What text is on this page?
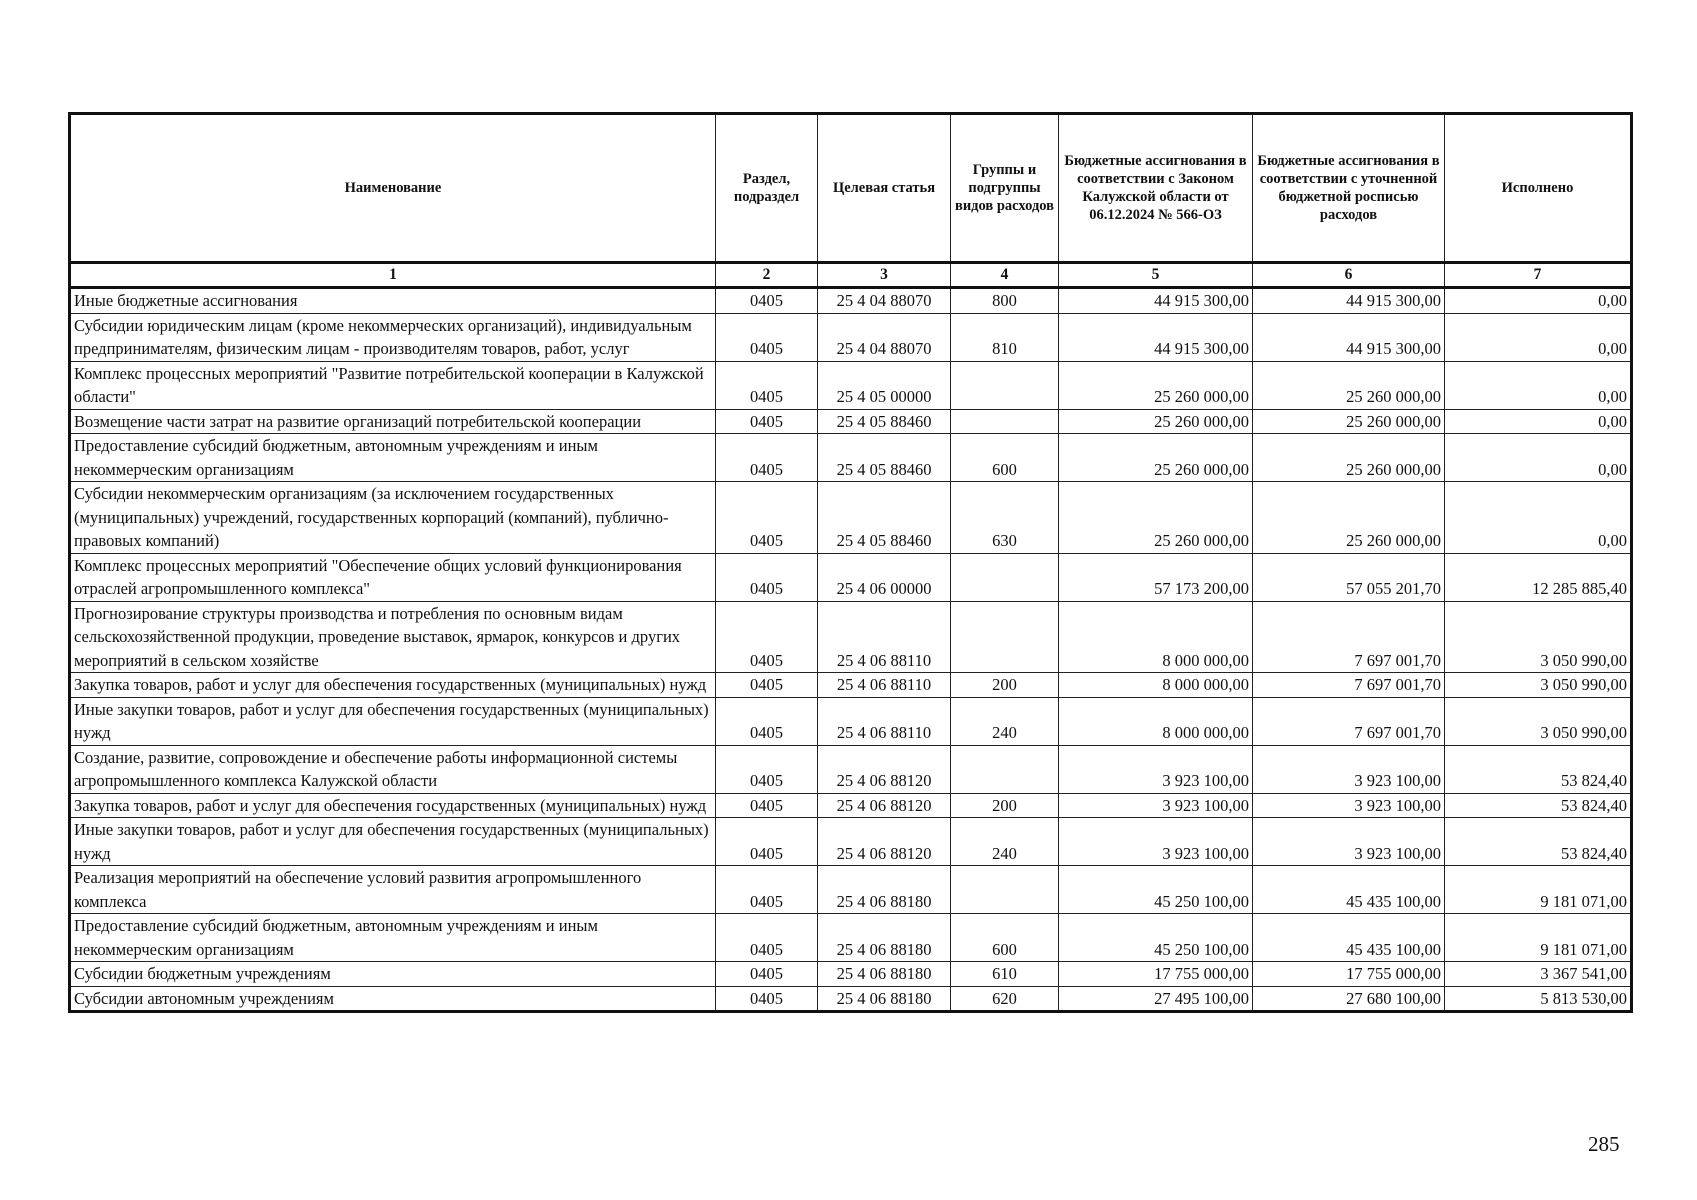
Наименование	Раздел, подраздел	Целевая статья	Группы и подгруппы видов расходов	Бюджетные ассигнования в соответствии с Законом Калужской области от 06.12.2024 № 566-ОЗ	Бюджетные ассигнования в соответствии с уточненной бюджетной росписью расходов	Исполнено
1	2	3	4	5	6	7
Иные бюджетные ассигнования	0405	25 4 04 88070	800	44 915 300,00	44 915 300,00	0,00
Субсидии юридическим лицам (кроме некоммерческих организаций), индивидуальным предпринимателям, физическим лицам - производителям товаров, работ, услуг	0405	25 4 04 88070	810	44 915 300,00	44 915 300,00	0,00
Комплекс процессных мероприятий "Развитие потребительской кооперации в Калужской области"	0405	25 4 05 00000		25 260 000,00	25 260 000,00	0,00
Возмещение части затрат на развитие организаций потребительской кооперации	0405	25 4 05 88460		25 260 000,00	25 260 000,00	0,00
Предоставление субсидий бюджетным, автономным учреждениям и иным некоммерческим организациям	0405	25 4 05 88460	600	25 260 000,00	25 260 000,00	0,00
Субсидии некоммерческим организациям (за исключением государственных (муниципальных) учреждений, государственных корпораций (компаний), публично-правовых компаний)	0405	25 4 05 88460	630	25 260 000,00	25 260 000,00	0,00
Комплекс процессных мероприятий "Обеспечение общих условий функционирования отраслей агропромышленного комплекса"	0405	25 4 06 00000		57 173 200,00	57 055 201,70	12 285 885,40
Прогнозирование структуры производства и потребления по основным видам сельскохозяйственной продукции, проведение выставок, ярмарок, конкурсов и других мероприятий в сельском хозяйстве	0405	25 4 06 88110		8 000 000,00	7 697 001,70	3 050 990,00
Закупка товаров, работ и услуг для обеспечения государственных (муниципальных) нужд	0405	25 4 06 88110	200	8 000 000,00	7 697 001,70	3 050 990,00
Иные закупки товаров, работ и услуг для обеспечения государственных (муниципальных) нужд	0405	25 4 06 88110	240	8 000 000,00	7 697 001,70	3 050 990,00
Создание, развитие, сопровождение и обеспечение работы информационной системы агропромышленного комплекса Калужской области	0405	25 4 06 88120		3 923 100,00	3 923 100,00	53 824,40
Закупка товаров, работ и услуг для обеспечения государственных (муниципальных) нужд	0405	25 4 06 88120	200	3 923 100,00	3 923 100,00	53 824,40
Иные закупки товаров, работ и услуг для обеспечения государственных (муниципальных) нужд	0405	25 4 06 88120	240	3 923 100,00	3 923 100,00	53 824,40
Реализация мероприятий на обеспечение условий развития агропромышленного комплекса	0405	25 4 06 88180		45 250 100,00	45 435 100,00	9 181 071,00
Предоставление субсидий бюджетным, автономным учреждениям и иным некоммерческим организациям	0405	25 4 06 88180	600	45 250 100,00	45 435 100,00	9 181 071,00
Субсидии бюджетным учреждениям	0405	25 4 06 88180	610	17 755 000,00	17 755 000,00	3 367 541,00
Субсидии автономным учреждениям	0405	25 4 06 88180	620	27 495 100,00	27 680 100,00	5 813 530,00
285
